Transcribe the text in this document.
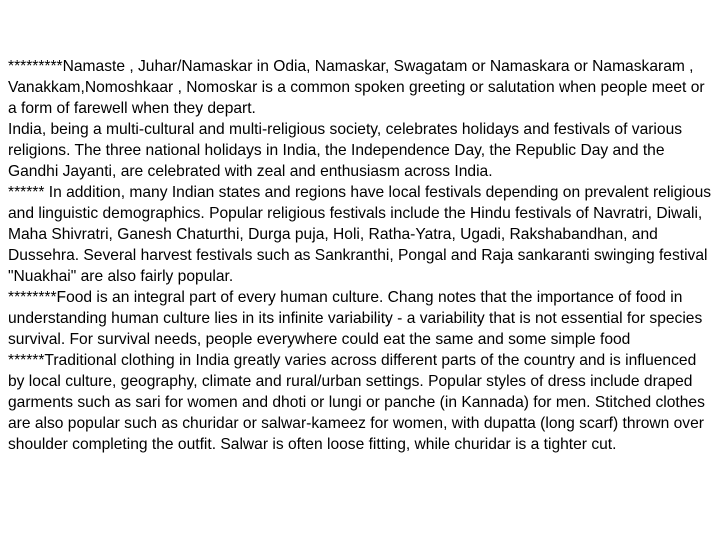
*********Namaste , Juhar/Namaskar in Odia, Namaskar, Swagatam or Namaskara or Namaskaram , Vanakkam,Nomoshkaar , Nomoskar is a common spoken greeting or salutation when people meet or a form of farewell when they depart.

India, being a multi-cultural and multi-religious society, celebrates holidays and festivals of various religions. The three national holidays in India, the Independence Day, the Republic Day and the Gandhi Jayanti, are celebrated with zeal and enthusiasm across India.

****** In addition, many Indian states and regions have local festivals depending on prevalent religious and linguistic demographics. Popular religious festivals include the Hindu festivals of Navratri, Diwali, Maha Shivratri, Ganesh Chaturthi, Durga puja, Holi, Ratha-Yatra, Ugadi, Rakshabandhan, and Dussehra. Several harvest festivals such as Sankranthi, Pongal and Raja sankaranti swinging festival "Nuakhai" are also fairly popular.

********Food is an integral part of every human culture. Chang notes that the importance of food in understanding human culture lies in its infinite variability - a variability that is not essential for species survival. For survival needs, people everywhere could eat the same and some simple food

******Traditional clothing in India greatly varies across different parts of the country and is influenced by local culture, geography, climate and rural/urban settings. Popular styles of dress include draped garments such as sari for women and dhoti or lungi or panche (in Kannada) for men. Stitched clothes are also popular such as churidar or salwar-kameez for women, with dupatta (long scarf) thrown over shoulder completing the outfit. Salwar is often loose fitting, while churidar is a tighter cut.
